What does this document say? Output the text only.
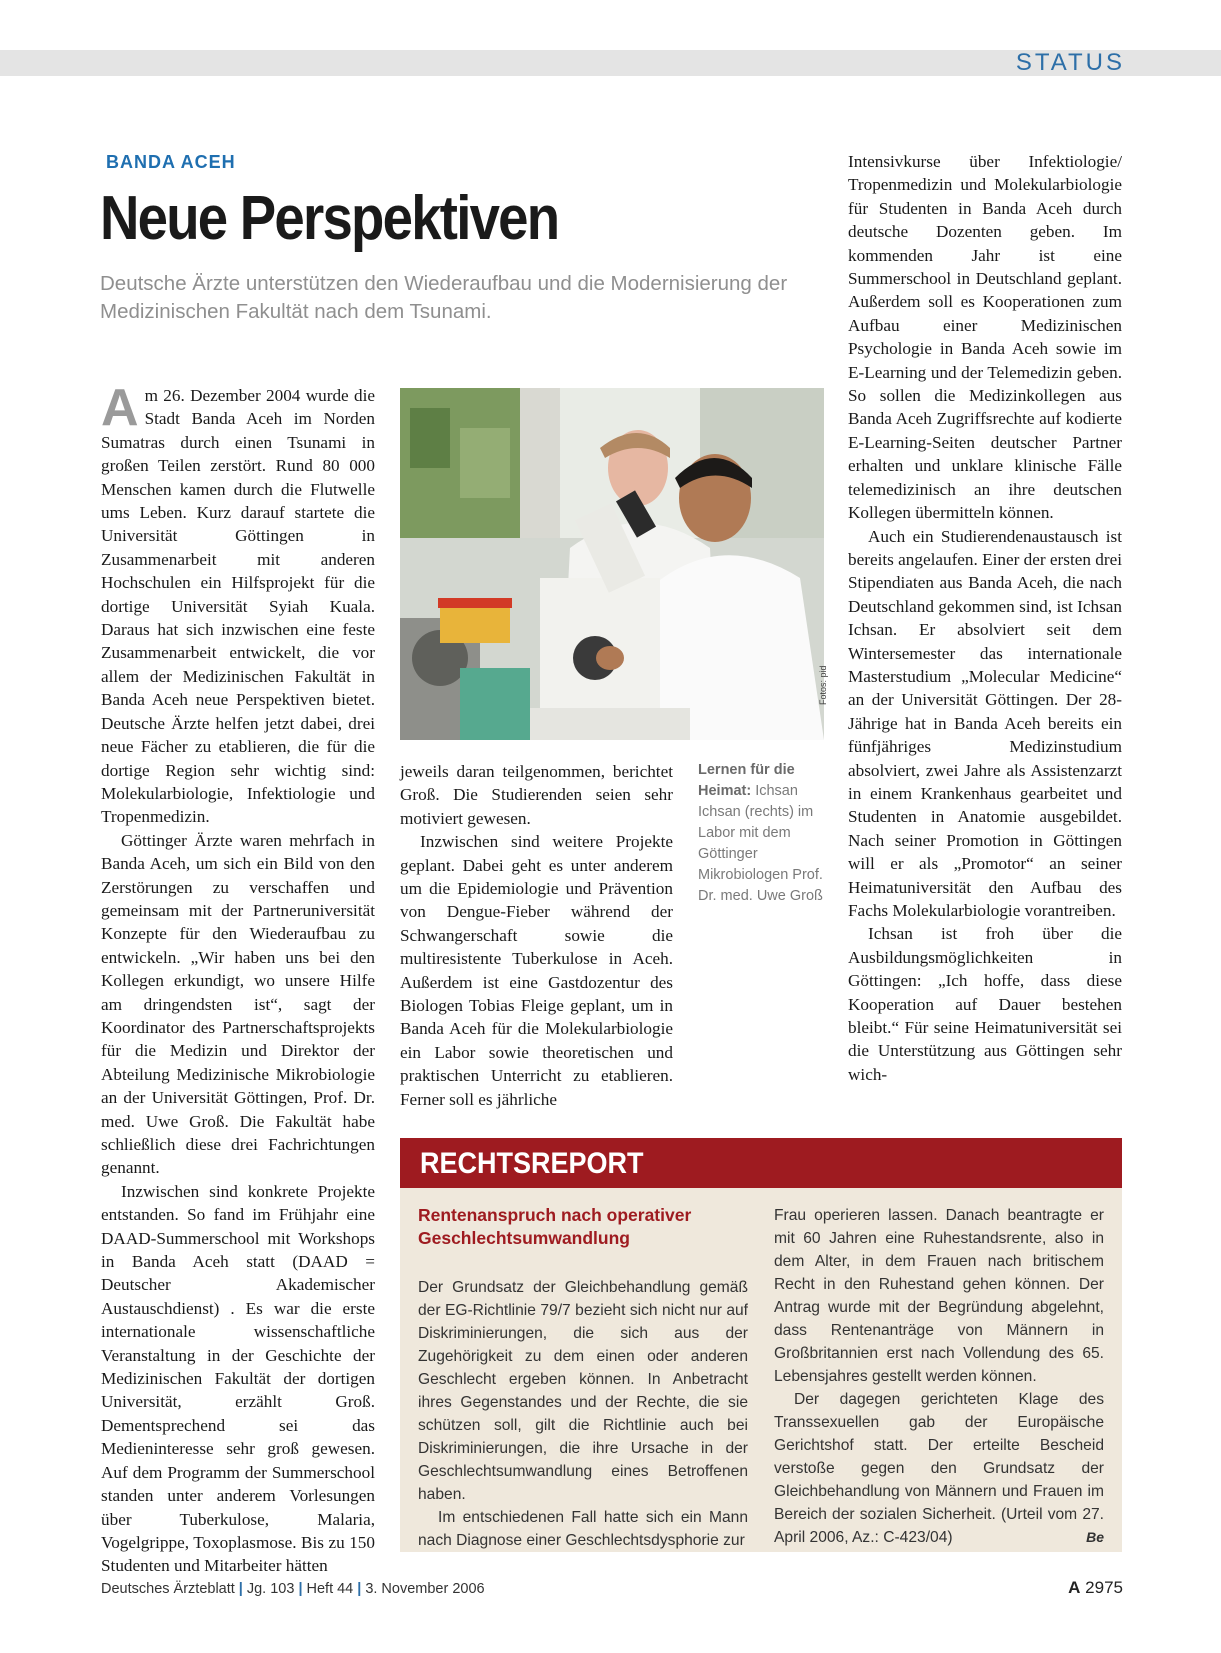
STATUS
BANDA ACEH
Neue Perspektiven
Deutsche Ärzte unterstützen den Wiederaufbau und die Modernisierung der Medizinischen Fakultät nach dem Tsunami.

Am 26. Dezember 2004 wurde die Stadt Banda Aceh im Norden Sumatras durch einen Tsunami in großen Teilen zerstört. Rund 80 000 Menschen kamen durch die Flutwelle ums Leben. Kurz darauf startete die Universität Göttingen in Zusammenarbeit mit anderen Hochschulen ein Hilfsprojekt für die dortige Universität Syiah Kuala. Daraus hat sich inzwischen eine feste Zusammenarbeit entwickelt, die vor allem der Medizinischen Fakultät in Banda Aceh neue Perspektiven bietet. Deutsche Ärzte helfen jetzt dabei, drei neue Fächer zu etablieren, die für die dortige Region sehr wichtig sind: Molekularbiologie, Infektiologie und Tropenmedizin.

Göttinger Ärzte waren mehrfach in Banda Aceh, um sich ein Bild von den Zerstörungen zu verschaffen und gemeinsam mit der Partneruniversität Konzepte für den Wiederaufbau zu entwickeln. „Wir haben uns bei den Kollegen erkundigt, wo unsere Hilfe am dringendsten ist“, sagt der Koordinator des Partnerschaftsprojekts für die Medizin und Direktor der Abteilung Medizinische Mikrobiologie an der Universität Göttingen, Prof. Dr. med. Uwe Groß. Die Fakultät habe schließlich diese drei Fachrichtungen genannt.

Inzwischen sind konkrete Projekte entstanden. So fand im Frühjahr eine DAAD-Summerschool mit Workshops in Banda Aceh statt (DAAD = Deutscher Akademischer Austauschdienst) . Es war die erste internationale wissenschaftliche Veranstaltung in der Geschichte der Medizinischen Fakultät der dortigen Universität, erzählt Groß. Dementsprechend sei das Medieninteresse sehr groß gewesen. Auf dem Programm der Summerschool standen unter anderem Vorlesungen über Tuberkulose, Malaria, Vogelgrippe, Toxoplasmose. Bis zu 150 Studenten und Mitarbeiter hätten

Fotos: pid
Lernen für die Heimat: Ichsan Ichsan (rechts) im Labor mit dem Göttinger Mikrobiologen Prof. Dr. med. Uwe Groß

jeweils daran teilgenommen, berichtet Groß. Die Studierenden seien sehr motiviert gewesen.

Inzwischen sind weitere Projekte geplant. Dabei geht es unter anderem um die Epidemiologie und Prävention von Dengue-Fieber während der Schwangerschaft sowie die multiresistente Tuberkulose in Aceh. Außerdem ist eine Gastdozentur des Biologen Tobias Fleige geplant, um in Banda Aceh für die Molekularbiologie ein Labor sowie theoretischen und praktischen Unterricht zu etablieren. Ferner soll es jährliche

Intensivkurse über Infektiologie/ Tropenmedizin und Molekularbiologie für Studenten in Banda Aceh durch deutsche Dozenten geben. Im kommenden Jahr ist eine Summerschool in Deutschland geplant. Außerdem soll es Kooperationen zum Aufbau einer Medizinischen Psychologie in Banda Aceh sowie im E-Learning und der Telemedizin geben. So sollen die Medizinkollegen aus Banda Aceh Zugriffsrechte auf kodierte E-Learning-Seiten deutscher Partner erhalten und unklare klinische Fälle telemedizinisch an ihre deutschen Kollegen übermitteln können.

Auch ein Studierendenaustausch ist bereits angelaufen. Einer der ersten drei Stipendiaten aus Banda Aceh, die nach Deutschland gekommen sind, ist Ichsan Ichsan. Er absolviert seit dem Wintersemester das internationale Masterstudium „Molecular Medicine“ an der Universität Göttingen. Der 28-Jährige hat in Banda Aceh bereits ein fünfjähriges Medizinstudium absolviert, zwei Jahre als Assistenzarzt in einem Krankenhaus gearbeitet und Studenten in Anatomie ausgebildet. Nach seiner Promotion in Göttingen will er als „Promotor“ an seiner Heimatuniversität den Aufbau des Fachs Molekularbiologie vorantreiben.

Ichsan ist froh über die Ausbildungsmöglichkeiten in Göttingen: „Ich hoffe, dass diese Kooperation auf Dauer bestehen bleibt.“ Für seine Heimatuniversität sei die Unterstützung aus Göttingen sehr wich-

RECHTSREPORT
Rentenanspruch nach operativer Geschlechtsumwandlung

Der Grundsatz der Gleichbehandlung gemäß der EG-Richtlinie 79/7 bezieht sich nicht nur auf Diskriminierungen, die sich aus der Zugehörigkeit zu dem einen oder anderen Geschlecht ergeben können. In Anbetracht ihres Gegenstandes und der Rechte, die sie schützen soll, gilt die Richtlinie auch bei Diskriminierungen, die ihre Ursache in der Geschlechtsumwandlung eines Betroffenen haben.

Im entschiedenen Fall hatte sich ein Mann nach Diagnose einer Geschlechtsdysphorie zur

Frau operieren lassen. Danach beantragte er mit 60 Jahren eine Ruhestandsrente, also in dem Alter, in dem Frauen nach britischem Recht in den Ruhestand gehen können. Der Antrag wurde mit der Begründung abgelehnt, dass Rentenanträge von Männern in Großbritannien erst nach Vollendung des 65. Lebensjahres gestellt werden können.

Der dagegen gerichteten Klage des Transsexuellen gab der Europäische Gerichtshof statt. Der erteilte Bescheid verstoße gegen den Grundsatz der Gleichbehandlung von Männern und Frauen im Bereich der sozialen Sicherheit. (Urteil vom 27. April 2006, Az.: C-423/04)	Be

Deutsches Ärzteblatt | Jg. 103 | Heft 44 | 3. November 2006	A 2975
